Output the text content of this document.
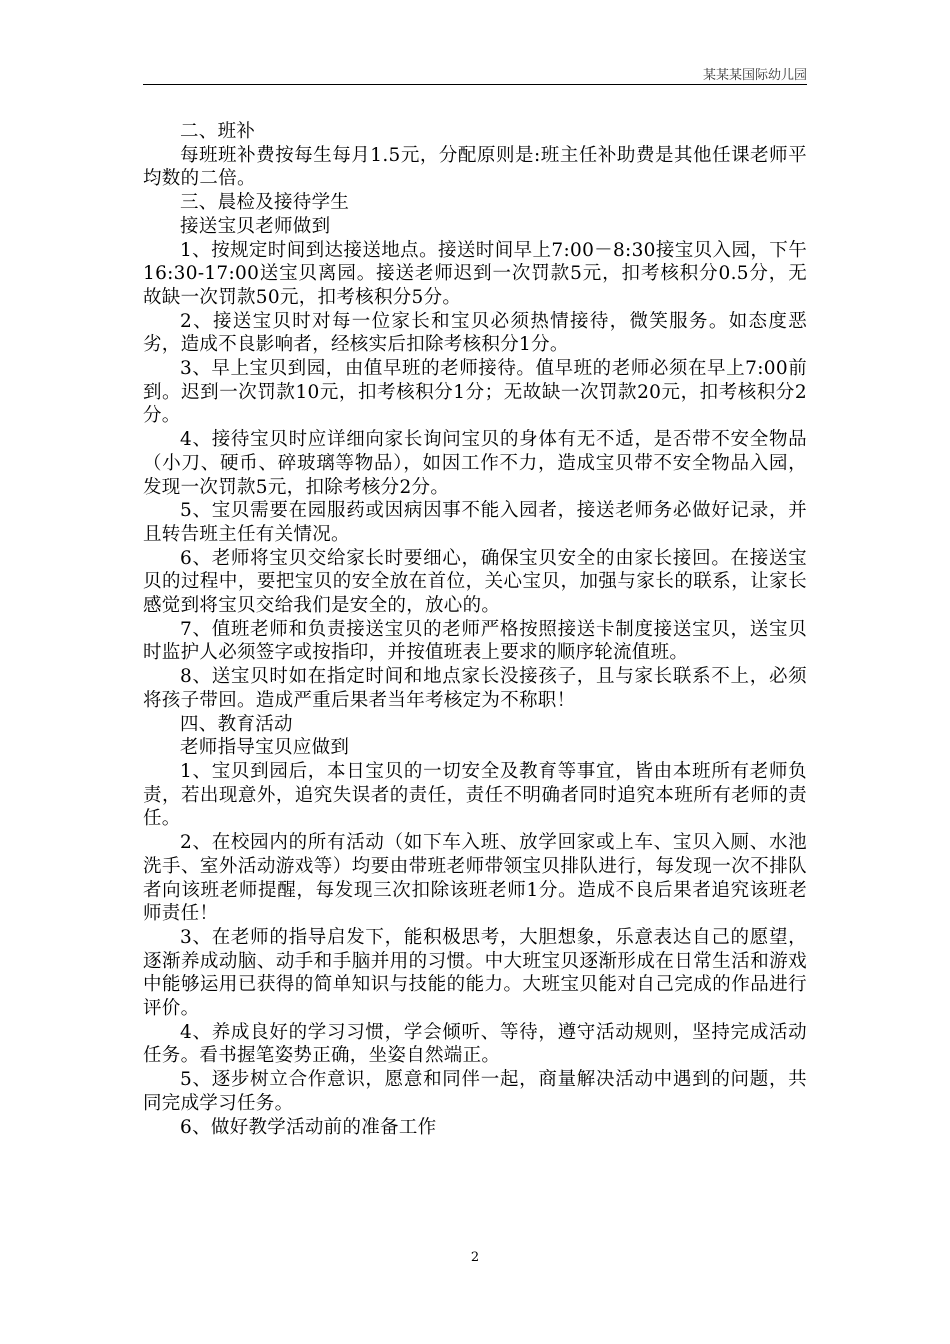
某某某国际幼儿园

二、班补

每班班补费按每生每月1.5元，分配原则是:班主任补助费是其他任课老师平均数的二倍。

三、晨检及接待学生

接送宝贝老师做到

1、按规定时间到达接送地点。接送时间早上7:00－8:30接宝贝入园，下午16:30-17:00送宝贝离园。接送老师迟到一次罚款5元，扣考核积分0.5分，无故缺一次罚款50元，扣考核积分5分。

2、接送宝贝时对每一位家长和宝贝必须热情接待，微笑服务。如态度恶劣，造成不良影响者，经核实后扣除考核积分1分。

3、早上宝贝到园，由值早班的老师接待。值早班的老师必须在早上7:00前到。迟到一次罚款10元，扣考核积分1分；无故缺一次罚款20元，扣考核积分2分。

4、接待宝贝时应详细向家长询问宝贝的身体有无不适，是否带不安全物品（小刀、硬币、碎玻璃等物品），如因工作不力，造成宝贝带不安全物品入园，发现一次罚款5元，扣除考核分2分。

5、宝贝需要在园服药或因病因事不能入园者，接送老师务必做好记录，并且转告班主任有关情况。

6、老师将宝贝交给家长时要细心，确保宝贝安全的由家长接回。在接送宝贝的过程中，要把宝贝的安全放在首位，关心宝贝，加强与家长的联系，让家长感觉到将宝贝交给我们是安全的，放心的。

7、值班老师和负责接送宝贝的老师严格按照接送卡制度接送宝贝，送宝贝时监护人必须签字或按指印，并按值班表上要求的顺序轮流值班。

8、送宝贝时如在指定时间和地点家长没接孩子，且与家长联系不上，必须将孩子带回。造成严重后果者当年考核定为不称职！

四、教育活动

老师指导宝贝应做到

1、宝贝到园后，本日宝贝的一切安全及教育等事宜，皆由本班所有老师负责，若出现意外，追究失误者的责任，责任不明确者同时追究本班所有老师的责任。

2、在校园内的所有活动（如下车入班、放学回家或上车、宝贝入厕、水池洗手、室外活动游戏等）均要由带班老师带领宝贝排队进行，每发现一次不排队者向该班老师提醒，每发现三次扣除该班老师1分。造成不良后果者追究该班老师责任！

3、在老师的指导启发下，能积极思考，大胆想象，乐意表达自己的愿望，逐渐养成动脑、动手和手脑并用的习惯。中大班宝贝逐渐形成在日常生活和游戏中能够运用已获得的简单知识与技能的能力。大班宝贝能对自己完成的作品进行评价。

4、养成良好的学习习惯，学会倾听、等待，遵守活动规则，坚持完成活动任务。看书握笔姿势正确，坐姿自然端正。

5、逐步树立合作意识，愿意和同伴一起，商量解决活动中遇到的问题，共同完成学习任务。

6、做好教学活动前的准备工作

2
